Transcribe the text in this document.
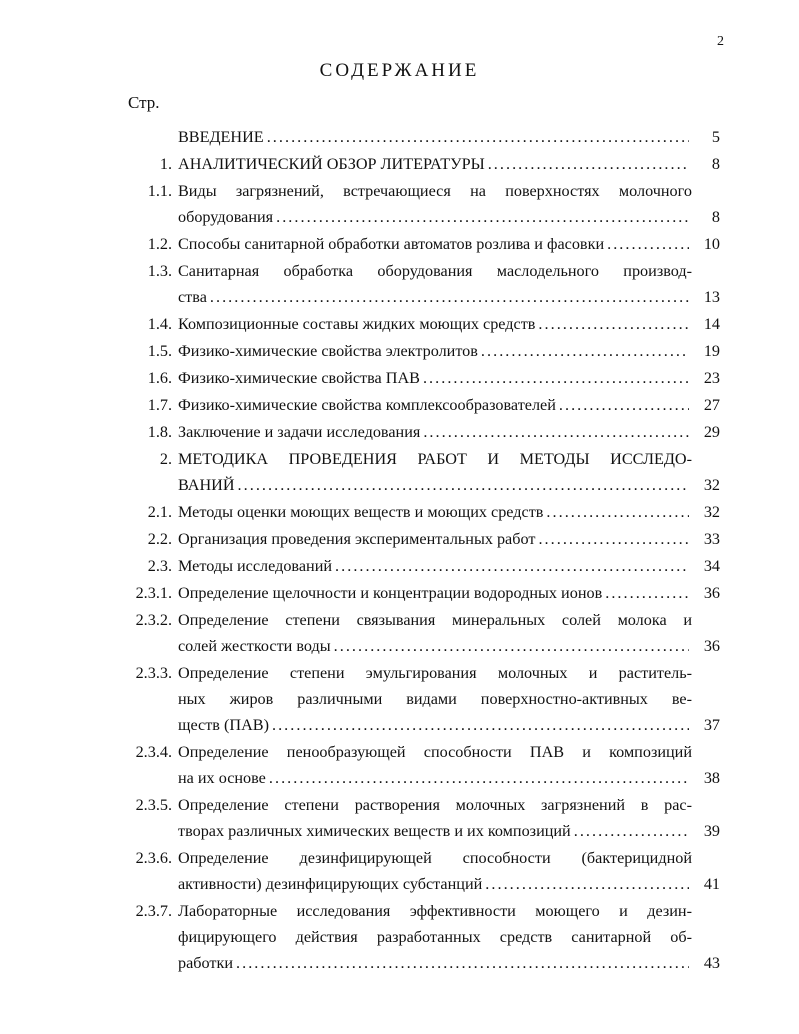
2
СОДЕРЖАНИЕ
Стр.
ВВЕДЕНИЕ . . .	5
1. АНАЛИТИЧЕСКИЙ ОБЗОР ЛИТЕРАТУРЫ . . .	8
1.1. Виды загрязнений, встречающиеся на поверхностях молочного
оборудования . . .	8
1.2. Способы санитарной обработки автоматов розлива и фасовки . . .	10
1.3. Санитарная обработка оборудования маслодельного производ-
ства . . .	13
1.4. Композиционные составы жидких моющих средств . . .	14
1.5. Физико-химические свойства электролитов . . .	19
1.6. Физико-химические свойства ПАВ . . .	23
1.7. Физико-химические свойства комплексообразователей . . .	27
1.8. Заключение и задачи исследования . . .	29
2. МЕТОДИКА ПРОВЕДЕНИЯ РАБОТ И МЕТОДЫ ИССЛЕДО-
ВАНИЙ . . .	32
2.1. Методы оценки моющих веществ и моющих средств . . .	32
2.2. Организация проведения экспериментальных работ . . .	33
2.3. Методы исследований . . .	34
2.3.1. Определение щелочности и концентрации водородных ионов . . .	36
2.3.2. Определение степени связывания минеральных солей молока и
солей жесткости воды . . .	36
2.3.3. Определение степени эмульгирования молочных и раститель-
ных жиров различными видами поверхностно-активных ве-
ществ (ПАВ) . . .	37
2.3.4. Определение пенообразующей способности ПАВ и композиций
на их основе . . .	38
2.3.5. Определение степени растворения молочных загрязнений в рас-
творах различных химических веществ и их композиций . . .	39
2.3.6. Определение дезинфицирующей способности (бактерицидной
активности) дезинфицирующих субстанций . . .	41
2.3.7. Лабораторные исследования эффективности моющего и дезин-
фицирующего действия разработанных средств санитарной об-
работки . . .	43
